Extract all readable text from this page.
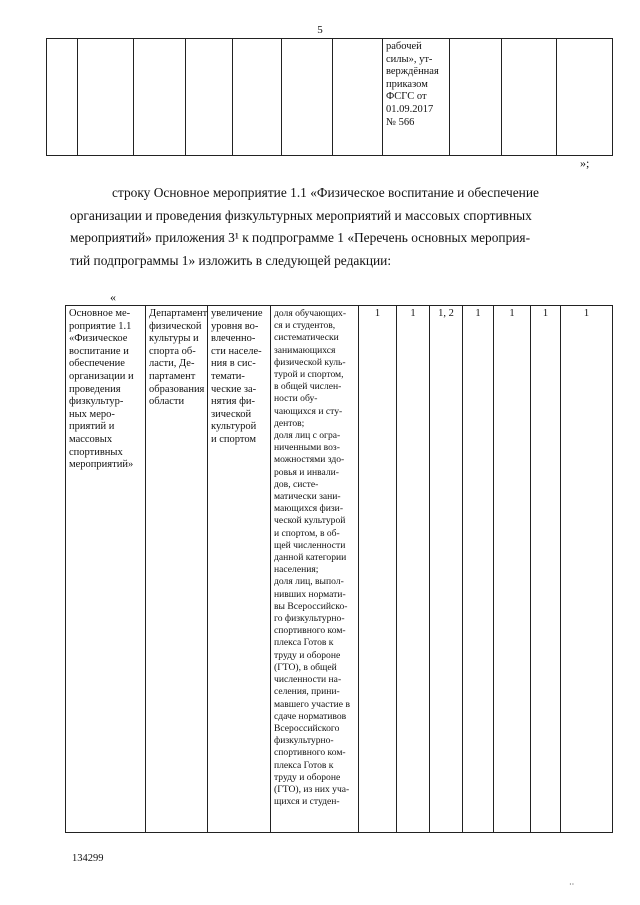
5

рабочей
силы», ут-
верждённая
приказом
ФСГС от
01.09.2017
№ 566

»;
строку Основное мероприятие 1.1 «Физическое воспитание и обеспечение
организации и проведения физкультурных мероприятий и массовых спортивных
мероприятий» приложения 3¹ к подпрограмме 1 «Перечень основных мероприя-
тий подпрограммы 1» изложить в следующей редакции:
«
Основное ме-
роприятие 1.1
«Физическое
воспитание и
обеспечение
организации и
проведения
физкультур-
ных меро-
приятий и
массовых
спортивных
мероприятий»

Департамент
физической
культуры и
спорта об-
ласти, Де-
партамент
образования
области

увеличение
уровня во-
влеченно-
сти населе-
ния в сис-
темати-
ческие за-
нятия фи-
зической
культурой
и спортом

доля обучающих-
ся и студентов,
систематически
занимающихся
физической куль-
турой и спортом,
в общей числен-
ности обу-
чающихся и сту-
дентов;
доля лиц с огра-
ниченными воз-
можностями здо-
ровья и инвали-
дов, систе-
матически зани-
мающихся физи-
ческой культурой
и спортом, в об-
щей численности
данной категории
населения;
доля лиц, выпол-
нивших нормати-
вы Всероссийско-
го физкультурно-
спортивного ком-
плекса Готов к
труду и обороне
(ГТО), в общей
численности на-
селения, прини-
мавшего участие в
сдаче нормативов
Всероссийского
физкультурно-
спортивного ком-
плекса Готов к
труду и обороне
(ГТО), из них уча-
щихся и студен-

1	1	1, 2	1	1	1	1
134299
··
